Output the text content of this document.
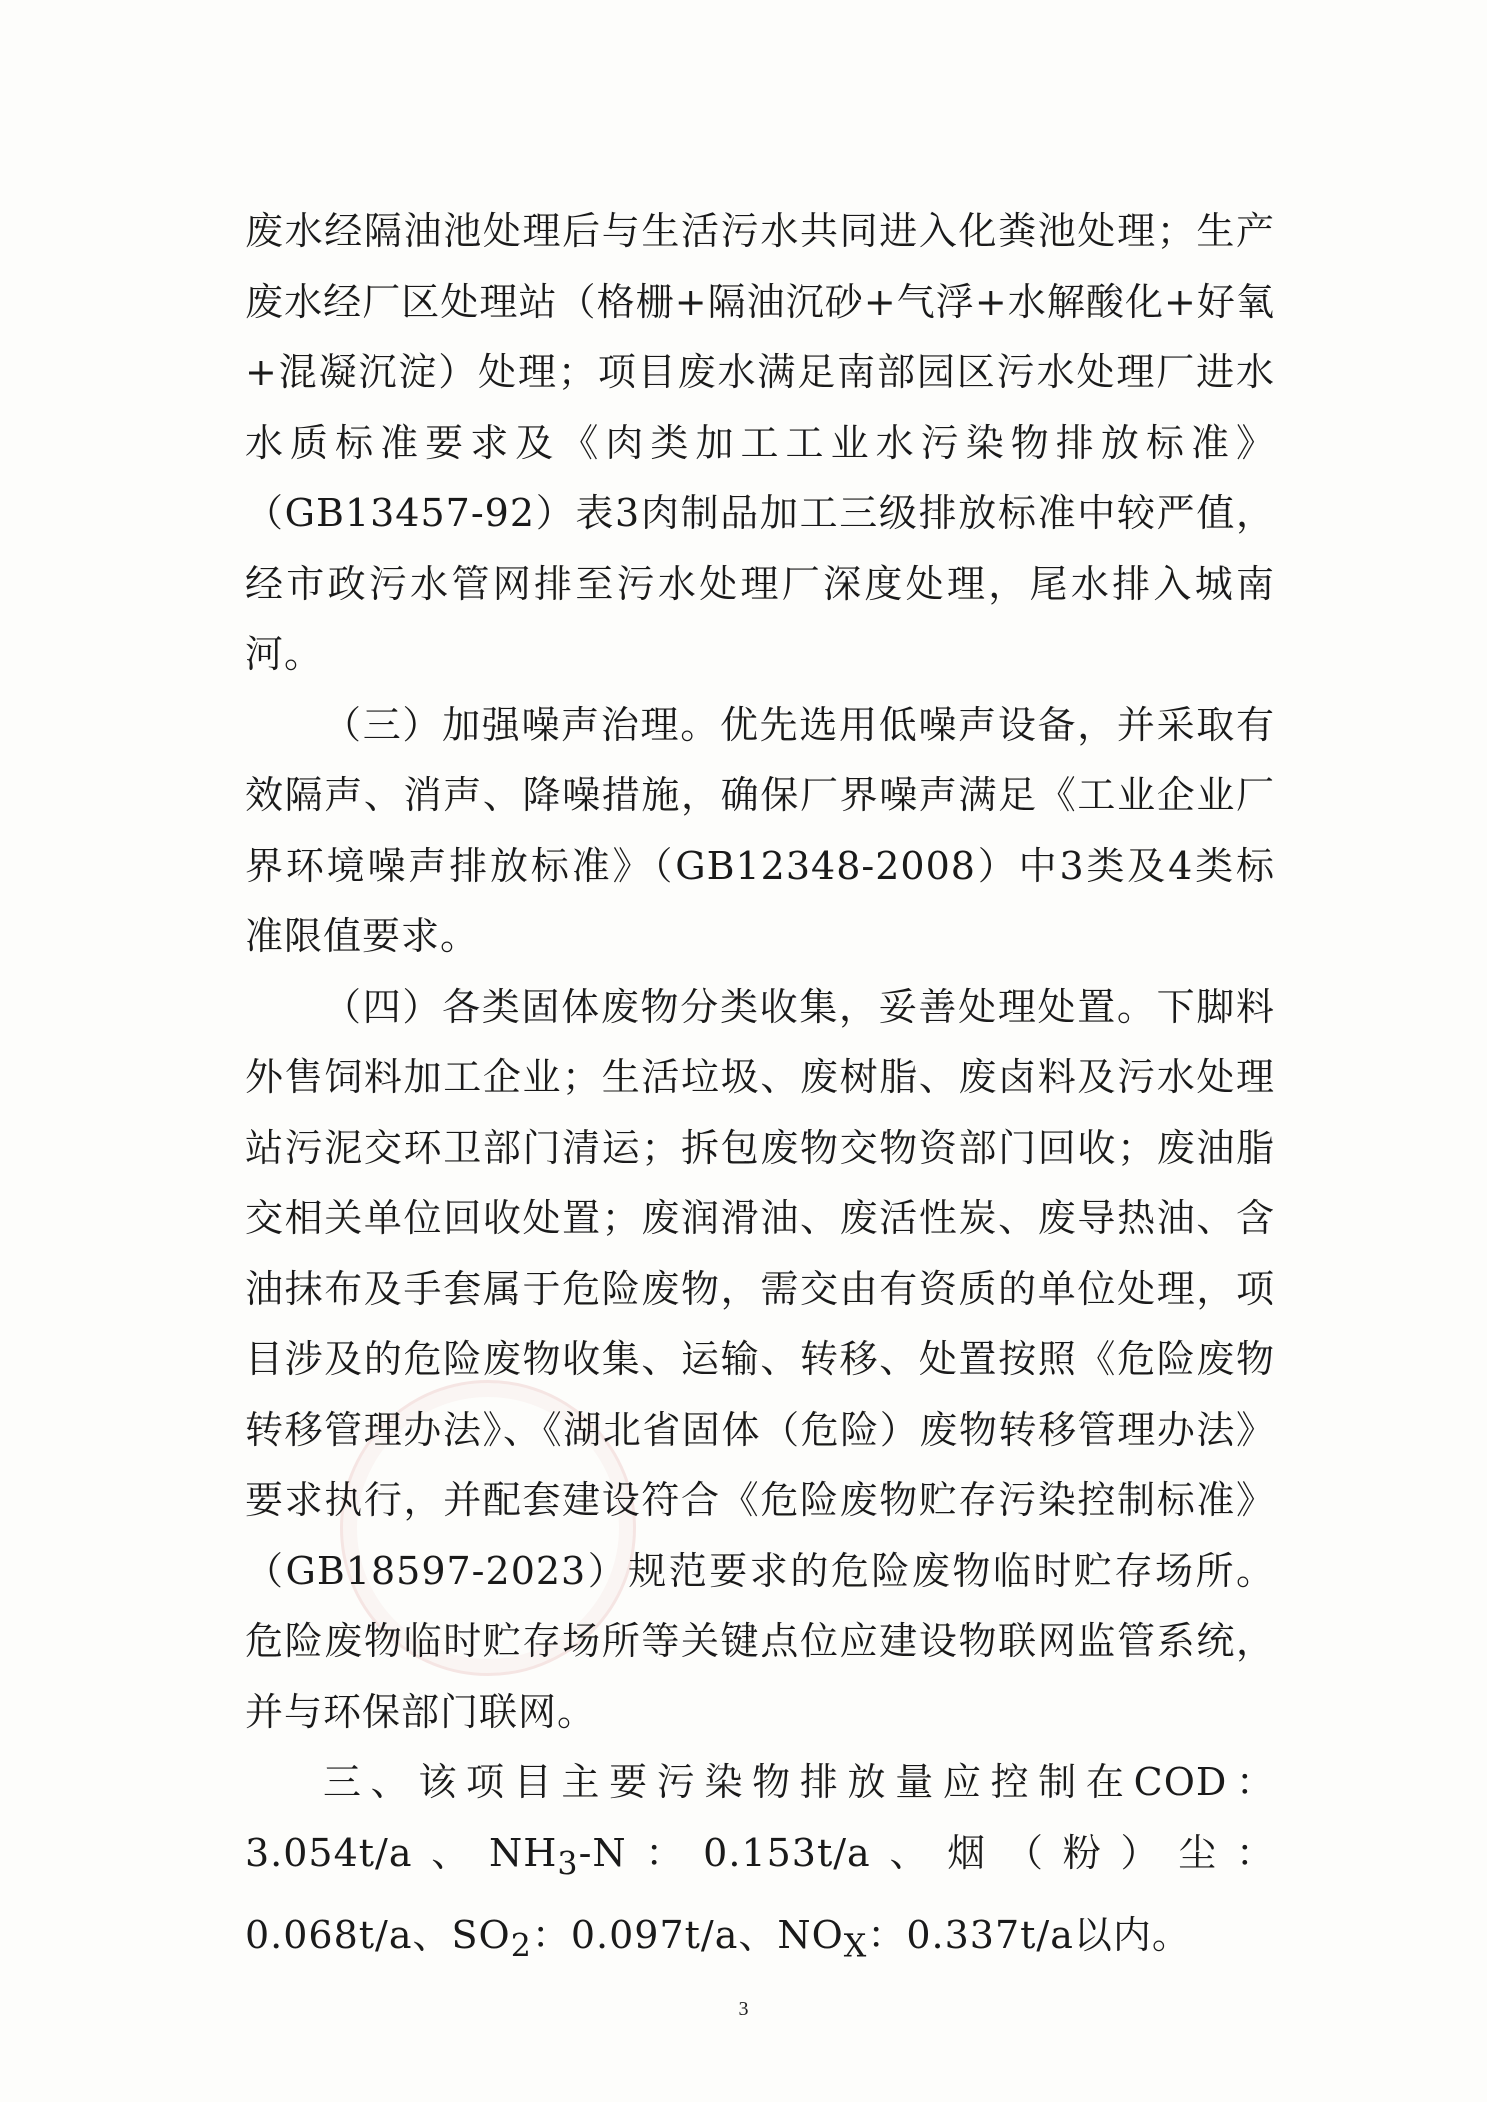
废水经隔油池处理后与生活污水共同进入化粪池处理；生产废水经厂区处理站（格栅+隔油沉砂+气浮+水解酸化+好氧+混凝沉淀）处理；项目废水满足南部园区污水处理厂进水水质标准要求及《肉类加工工业水污染物排放标准》（GB13457-92）表3肉制品加工三级排放标准中较严值，经市政污水管网排至污水处理厂深度处理，尾水排入城南河。

（三）加强噪声治理。优先选用低噪声设备，并采取有效隔声、消声、降噪措施，确保厂界噪声满足《工业企业厂界环境噪声排放标准》（GB12348-2008）中3类及4类标准限值要求。

（四）各类固体废物分类收集，妥善处理处置。下脚料外售饲料加工企业；生活垃圾、废树脂、废卤料及污水处理站污泥交环卫部门清运；拆包废物交物资部门回收；废油脂交相关单位回收处置；废润滑油、废活性炭、废导热油、含油抹布及手套属于危险废物，需交由有资质的单位处理，项目涉及的危险废物收集、运输、转移、处置按照《危险废物转移管理办法》、《湖北省固体（危险）废物转移管理办法》要求执行，并配套建设符合《危险废物贮存污染控制标准》（GB18597-2023）规范要求的危险废物临时贮存场所。危险废物临时贮存场所等关键点位应建设物联网监管系统，并与环保部门联网。

三、该项目主要污染物排放量应控制在COD：3.054t/a、$NH_3-N$：0.153t/a、烟（粉）尘：0.068t/a、$SO_2$：0.097t/a、$NO_X$：0.337t/a以内。

3
